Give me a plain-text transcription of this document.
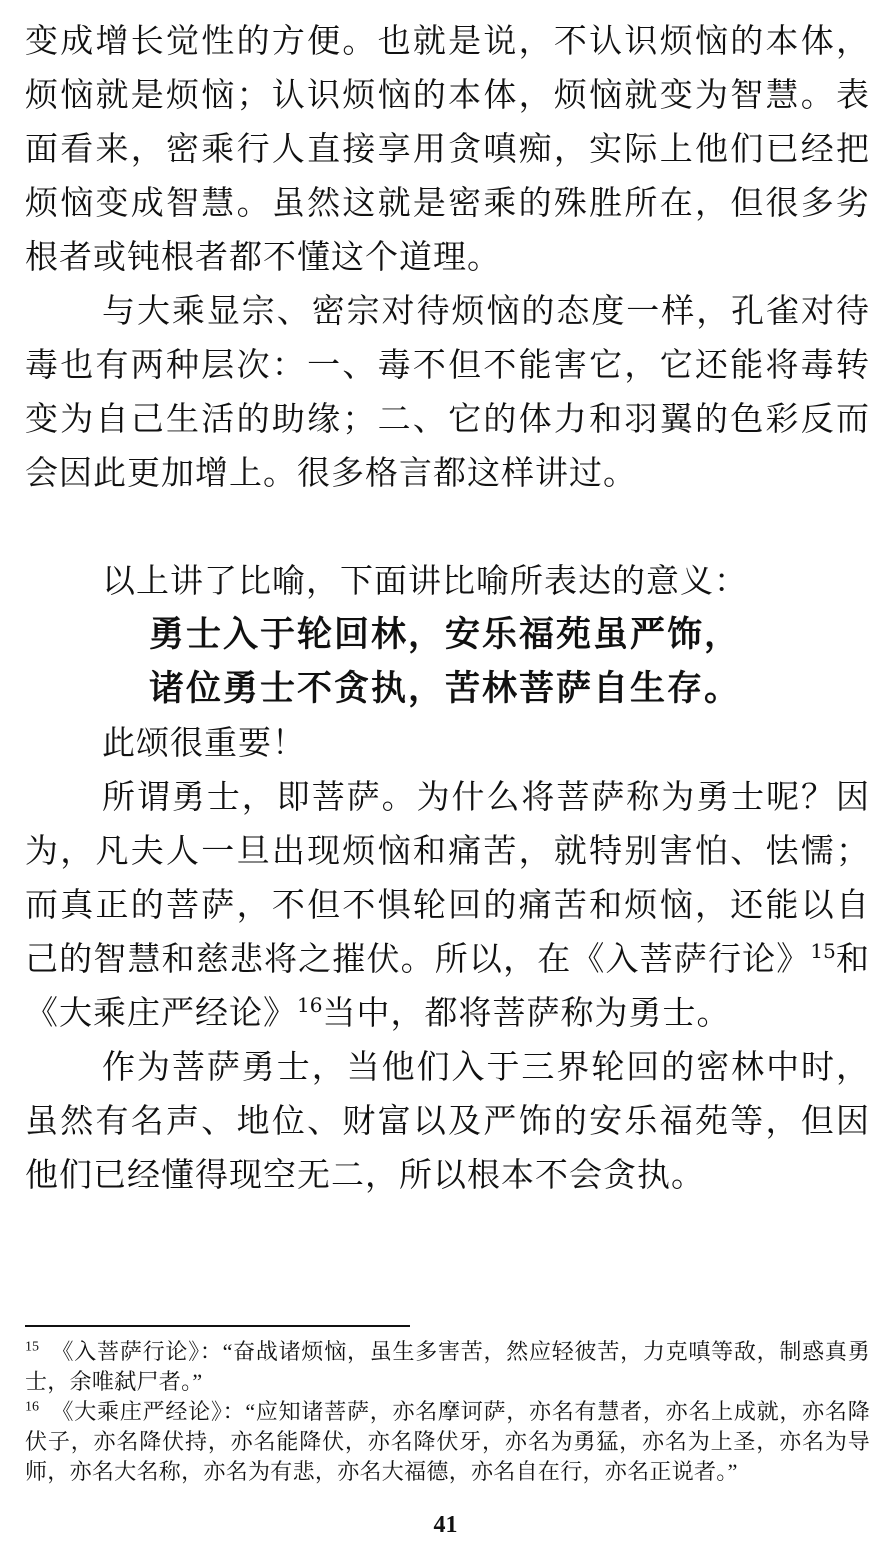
变成增长觉性的方便。也就是说，不认识烦恼的本体，烦恼就是烦恼；认识烦恼的本体，烦恼就变为智慧。表面看来，密乘行人直接享用贪嗔痴，实际上他们已经把烦恼变成智慧。虽然这就是密乘的殊胜所在，但很多劣根者或钝根者都不懂这个道理。

与大乘显宗、密宗对待烦恼的态度一样，孔雀对待毒也有两种层次：一、毒不但不能害它，它还能将毒转变为自己生活的助缘；二、它的体力和羽翼的色彩反而会因此更加增上。很多格言都这样讲过。

以上讲了比喻，下面讲比喻所表达的意义：

勇士入于轮回林，安乐福苑虽严饰，

诸位勇士不贪执，苦林菩萨自生存。

此颂很重要！

所谓勇士，即菩萨。为什么将菩萨称为勇士呢？因为，凡夫人一旦出现烦恼和痛苦，就特别害怕、怯懦；而真正的菩萨，不但不惧轮回的痛苦和烦恼，还能以自己的智慧和慈悲将之摧伏。所以，在《入菩萨行论》$^{15}$和《大乘庄严经论》$^{16}$当中，都将菩萨称为勇士。

作为菩萨勇士，当他们入于三界轮回的密林中时，虽然有名声、地位、财富以及严饰的安乐福苑等，但因他们已经懂得现空无二，所以根本不会贪执。

$^{15}$ 《入菩萨行论》：“奋战诸烦恼，虽生多害苦，然应轻彼苦，力克嗔等敌，制惑真勇士，余唯弑尸者。”

$^{16}$ 《大乘庄严经论》：“应知诸菩萨，亦名摩诃萨，亦名有慧者，亦名上成就，亦名降伏子，亦名降伏持，亦名能降伏，亦名降伏牙，亦名为勇猛，亦名为上圣，亦名为导师，亦名大名称，亦名为有悲，亦名大福德，亦名自在行，亦名正说者。”

41
